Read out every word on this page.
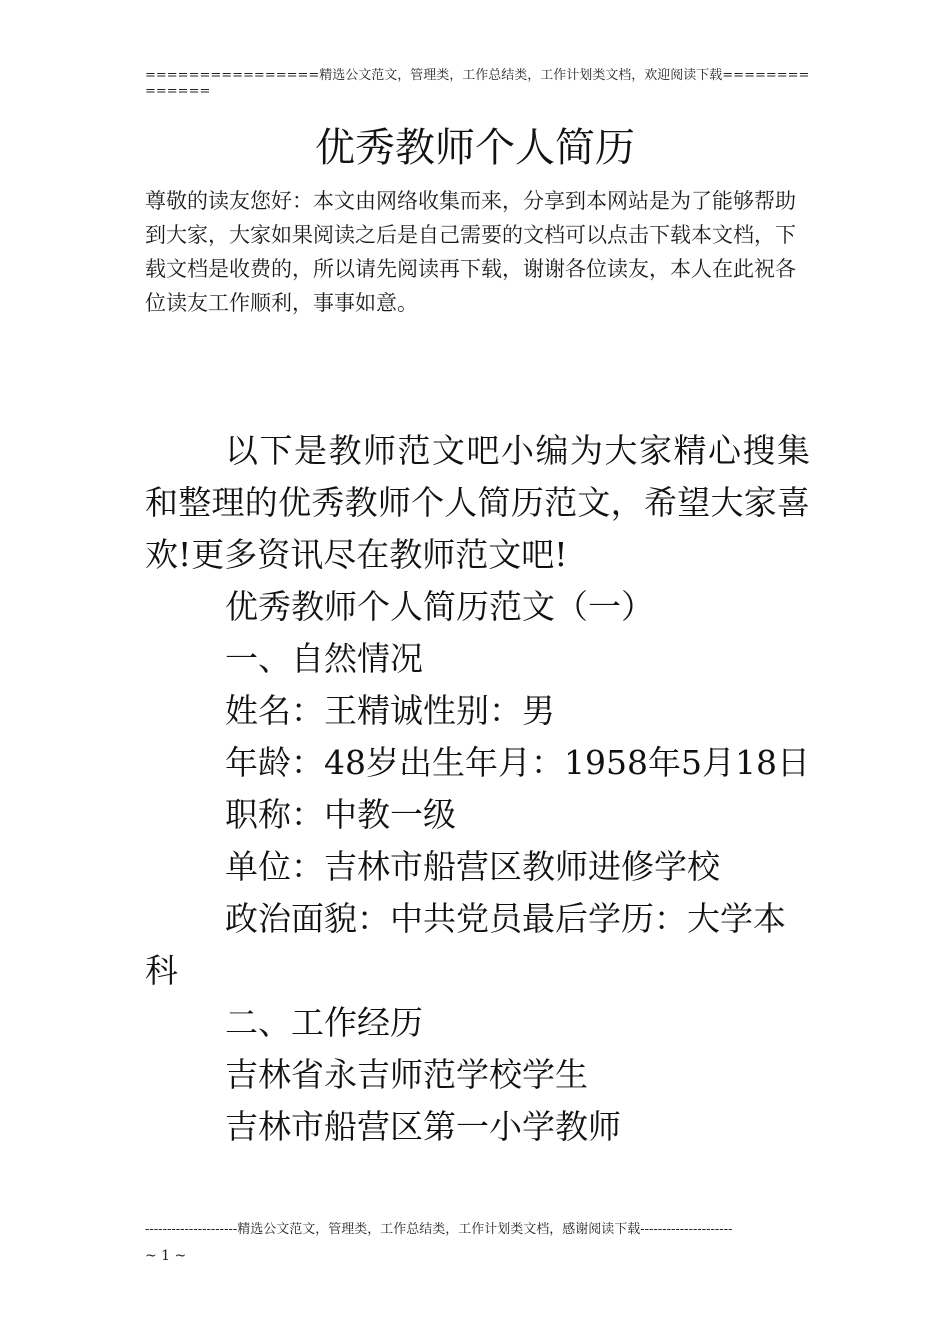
================精选公文范文，管理类，工作总结类，工作计划类文档，欢迎阅读下载==============
优秀教师个人简历
尊敬的读友您好：本文由网络收集而来，分享到本网站是为了能够帮助到大家，大家如果阅读之后是自己需要的文档可以点击下载本文档，下载文档是收费的，所以请先阅读再下载，谢谢各位读友，本人在此祝各位读友工作顺利，事事如意。

以下是教师范文吧小编为大家精心搜集和整理的优秀教师个人简历范文，希望大家喜欢!更多资讯尽在教师范文吧!

优秀教师个人简历范文（一）

一、自然情况

姓名：王精诚性别：男

年龄：48岁出生年月：1958年5月18日

职称：中教一级

单位：吉林市船营区教师进修学校

政治面貌：中共党员最后学历：大学本科

二、工作经历

吉林省永吉师范学校学生

吉林市船营区第一小学教师

---------------------精选公文范文，管理类，工作总结类，工作计划类文档，感谢阅读下载---------------------
~ 1 ~
